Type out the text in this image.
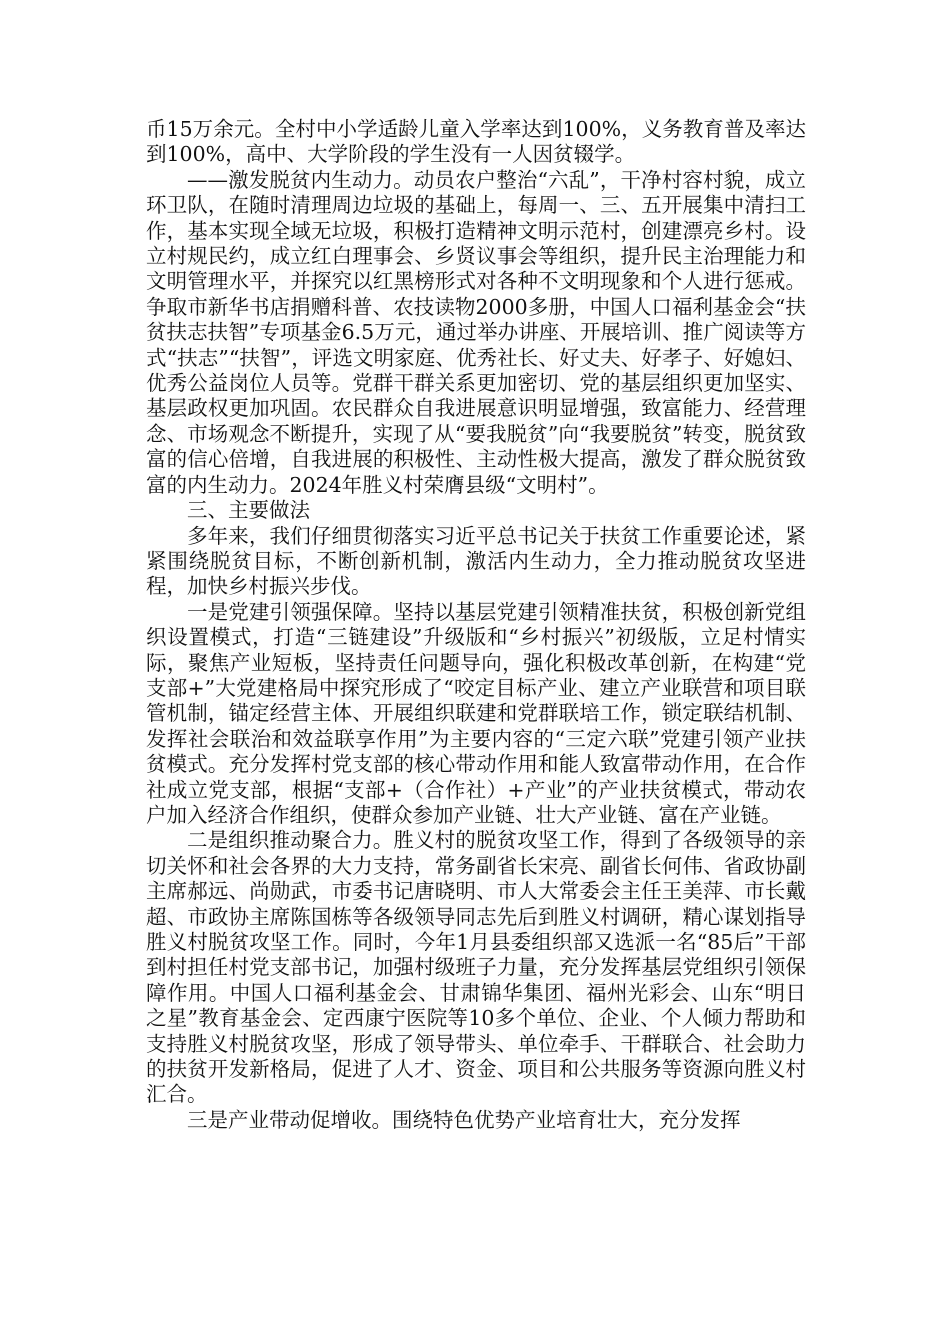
币15万余元。全村中小学适龄儿童入学率达到100%，义务教育普及率达到100%，高中、大学阶段的学生没有一人因贫辍学。

——激发脱贫内生动力。动员农户整治“六乱”，干净村容村貌，成立环卫队，在随时清理周边垃圾的基础上，每周一、三、五开展集中清扫工作，基本实现全域无垃圾，积极打造精神文明示范村，创建漂亮乡村。设立村规民约，成立红白理事会、乡贤议事会等组织，提升民主治理能力和文明管理水平，并探究以红黑榜形式对各种不文明现象和个人进行惩戒。争取市新华书店捐赠科普、农技读物2000多册，中国人口福利基金会“扶贫扶志扶智”专项基金6.5万元，通过举办讲座、开展培训、推广阅读等方式“扶志”“扶智”，评选文明家庭、优秀社长、好丈夫、好孝子、好媳妇、优秀公益岗位人员等。党群干群关系更加密切、党的基层组织更加坚实、基层政权更加巩固。农民群众自我进展意识明显增强，致富能力、经营理念、市场观念不断提升，实现了从“要我脱贫”向“我要脱贫”转变，脱贫致富的信心倍增，自我进展的积极性、主动性极大提高，激发了群众脱贫致富的内生动力。2024年胜义村荣膺县级“文明村”。

三、主要做法

多年来，我们仔细贯彻落实习近平总书记关于扶贫工作重要论述，紧紧围绕脱贫目标，不断创新机制，激活内生动力，全力推动脱贫攻坚进程，加快乡村振兴步伐。

一是党建引领强保障。坚持以基层党建引领精准扶贫，积极创新党组织设置模式，打造“三链建设”升级版和“乡村振兴”初级版，立足村情实际，聚焦产业短板，坚持责任问题导向，强化积极改革创新，在构建“党支部+”大党建格局中探究形成了“咬定目标产业、建立产业联营和项目联管机制，锚定经营主体、开展组织联建和党群联培工作，锁定联结机制、发挥社会联治和效益联享作用”为主要内容的“三定六联”党建引领产业扶贫模式。充分发挥村党支部的核心带动作用和能人致富带动作用，在合作社成立党支部，根据“支部+（合作社）+产业”的产业扶贫模式，带动农户加入经济合作组织，使群众参加产业链、壮大产业链、富在产业链。

二是组织推动聚合力。胜义村的脱贫攻坚工作，得到了各级领导的亲切关怀和社会各界的大力支持，常务副省长宋亮、副省长何伟、省政协副主席郝远、尚勋武，市委书记唐晓明、市人大常委会主任王美萍、市长戴超、市政协主席陈国栋等各级领导同志先后到胜义村调研，精心谋划指导胜义村脱贫攻坚工作。同时，今年1月县委组织部又选派一名“85后”干部到村担任村党支部书记，加强村级班子力量，充分发挥基层党组织引领保障作用。中国人口福利基金会、甘肃锦华集团、福州光彩会、山东“明日之星”教育基金会、定西康宁医院等10多个单位、企业、个人倾力帮助和支持胜义村脱贫攻坚，形成了领导带头、单位牵手、干群联合、社会助力的扶贫开发新格局，促进了人才、资金、项目和公共服务等资源向胜义村汇合。

三是产业带动促增收。围绕特色优势产业培育壮大，充分发挥
